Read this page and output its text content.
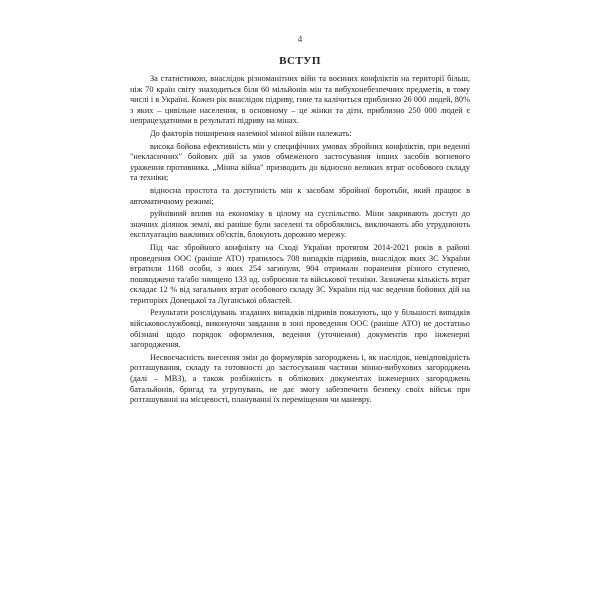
4
ВСТУП

За статистикою, внаслідок різноманітних війн та воєнних конфліктів на території більш, ніж 70 країн світу знаходиться біля 60 мільйонів мін та вибухонебезпечних предметів, в тому числі і в Україні. Кожен рік внаслідок підриву, гине та калічиться приблизно 26 000 людей, 80% з яких – цивільне населення, в основному – це жінки та діти, приблизно 250 000 людей є непрацездатними в результаті підриву на мінах.

До факторів поширення наземної мінної війни належать:

висока бойова ефективність мін у специфічних умовах збройних конфліктів, при веденні "некласичних" бойових дій за умов обмеженого застосування інших засобів вогневого ураження противника. „Мінна війна" призводить до відносно великих втрат особового складу та техніки;

відносна простота та доступність мін к засобам збройної боротьби, який працює в автоматичному режимі;

руйнівний вплив на економіку в цілому на суспільство. Міни закривають доступ до значних ділянок землі, які раніше були заселені та оброблялись, виключають або утруднюють експлуатацію важливих об'єктів, блокують дорожню мережу.

Під час збройного конфлікту на Сході України протягом 2014-2021 років в районі проведення ООС (раніше АТО) трапилось 708 випадків підривів, внаслідок яких ЗС України втратили 1168 особи, з яких 254 загинули, 904 отримали поранення різного ступеню, пошкоджено та/або знищено 133 од. озброєння та військової техніки. Зазначена кількість втрат складає 12 % від загальних втрат особового складу ЗС України під час ведення бойових дій на територіях Донецької та Луганської областей.

Результати розслідувань згаданих випадків підривів показують, що у більшості випадків військовослужбовці, виконуючи завдання в зоні проведення ООС (раніше АТО) не достатньо обізнані щодо порядок оформлення, ведення (уточнення) документів про інженерні загородження.

Несвоєчасність внесення змін до формулярів загороджень і, як наслідок, невідповідність розташування, складу та готовності до застосування частини мінно-вибухових загороджень (далі – МВЗ), а також розбіжність в облікових документах інженерних загороджень батальйонів, бригад та угрупувань, не дає змогу забезпечити безпеку своїх військ при розташуванні на місцевості, плануванні їх переміщення чи маневру.
